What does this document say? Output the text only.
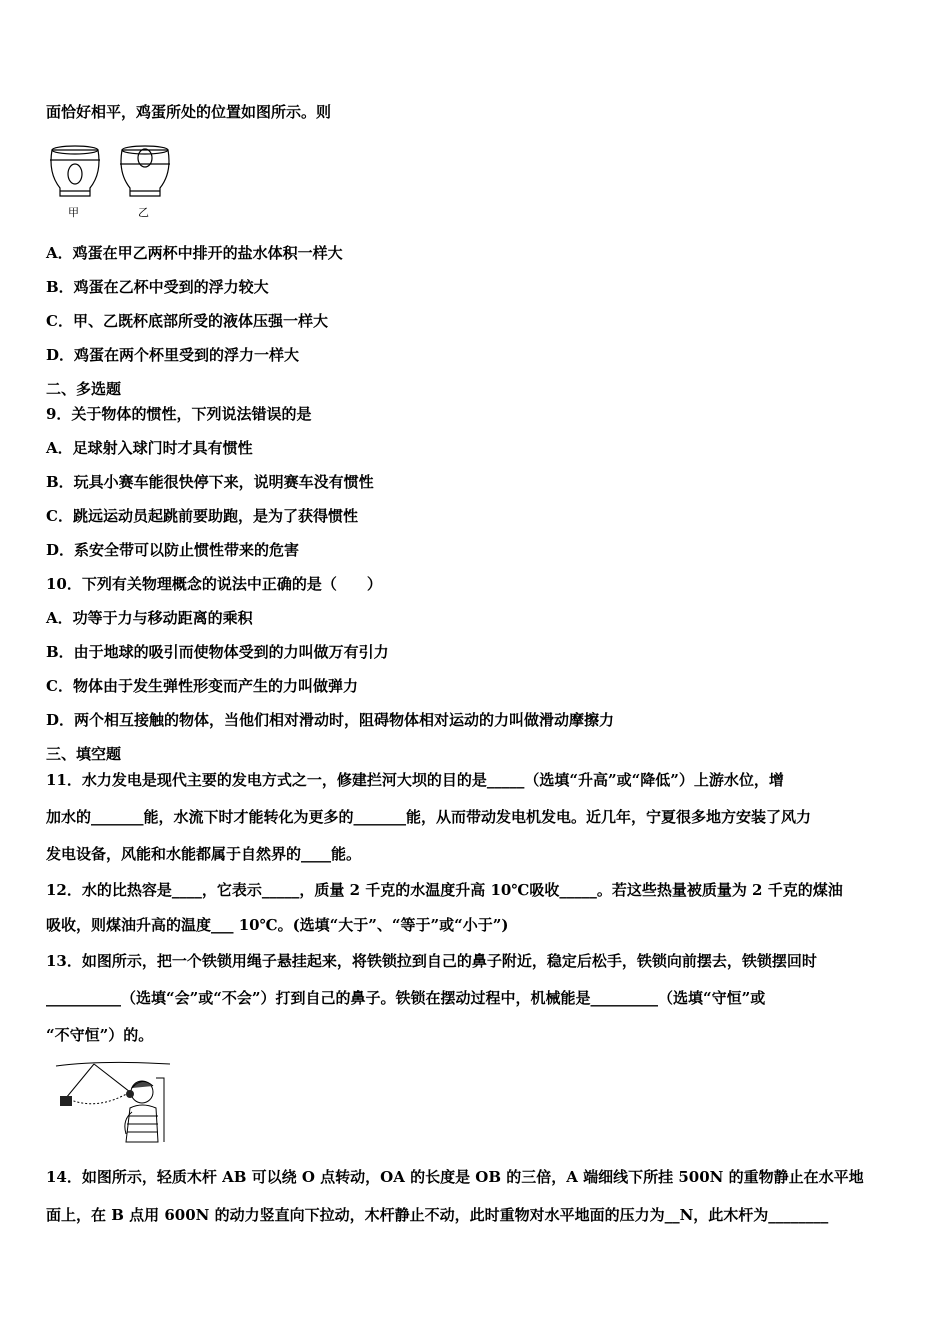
面恰好相平，鸡蛋所处的位置如图所示。则
甲	乙
A．鸡蛋在甲乙两杯中排开的盐水体积一样大
B．鸡蛋在乙杯中受到的浮力较大
C．甲、乙既杯底部所受的液体压强一样大
D．鸡蛋在两个杯里受到的浮力一样大
二、多选题
9．关于物体的惯性，下列说法错误的是
A．足球射入球门时才具有惯性
B．玩具小赛车能很快停下来，说明赛车没有惯性
C．跳远运动员起跳前要助跑，是为了获得惯性
D．系安全带可以防止惯性带来的危害
10．下列有关物理概念的说法中正确的是（　　）
A．功等于力与移动距离的乘积
B．由于地球的吸引而使物体受到的力叫做万有引力
C．物体由于发生弹性形变而产生的力叫做弹力
D．两个相互接触的物体，当他们相对滑动时，阻碍物体相对运动的力叫做滑动摩擦力
三、填空题
11．水力发电是现代主要的发电方式之一，修建拦河大坝的目的是_____（选填“升高”或“降低”）上游水位，增
加水的_______能，水流下时才能转化为更多的_______能，从而带动发电机发电。近几年，宁夏很多地方安装了风力
发电设备，风能和水能都属于自然界的____能。
12．水的比热容是____，它表示_____，质量 2 千克的水温度升高 10℃吸收_____。若这些热量被质量为 2 千克的煤油
吸收，则煤油升高的温度___ 10℃。(选填“大于”、“等于”或“小于”)
13．如图所示，把一个铁锁用绳子悬挂起来，将铁锁拉到自己的鼻子附近，稳定后松手，铁锁向前摆去，铁锁摆回时
__________（选填“会”或“不会”）打到自己的鼻子。铁锁在摆动过程中，机械能是_________（选填“守恒”或
“不守恒”）的。
14．如图所示，轻质木杆 AB 可以绕 O 点转动，OA 的长度是 OB 的三倍，A 端细线下所挂 500N 的重物静止在水平地
面上，在 B 点用 600N 的动力竖直向下拉动，木杆静止不动，此时重物对水平地面的压力为__N，此木杆为________
